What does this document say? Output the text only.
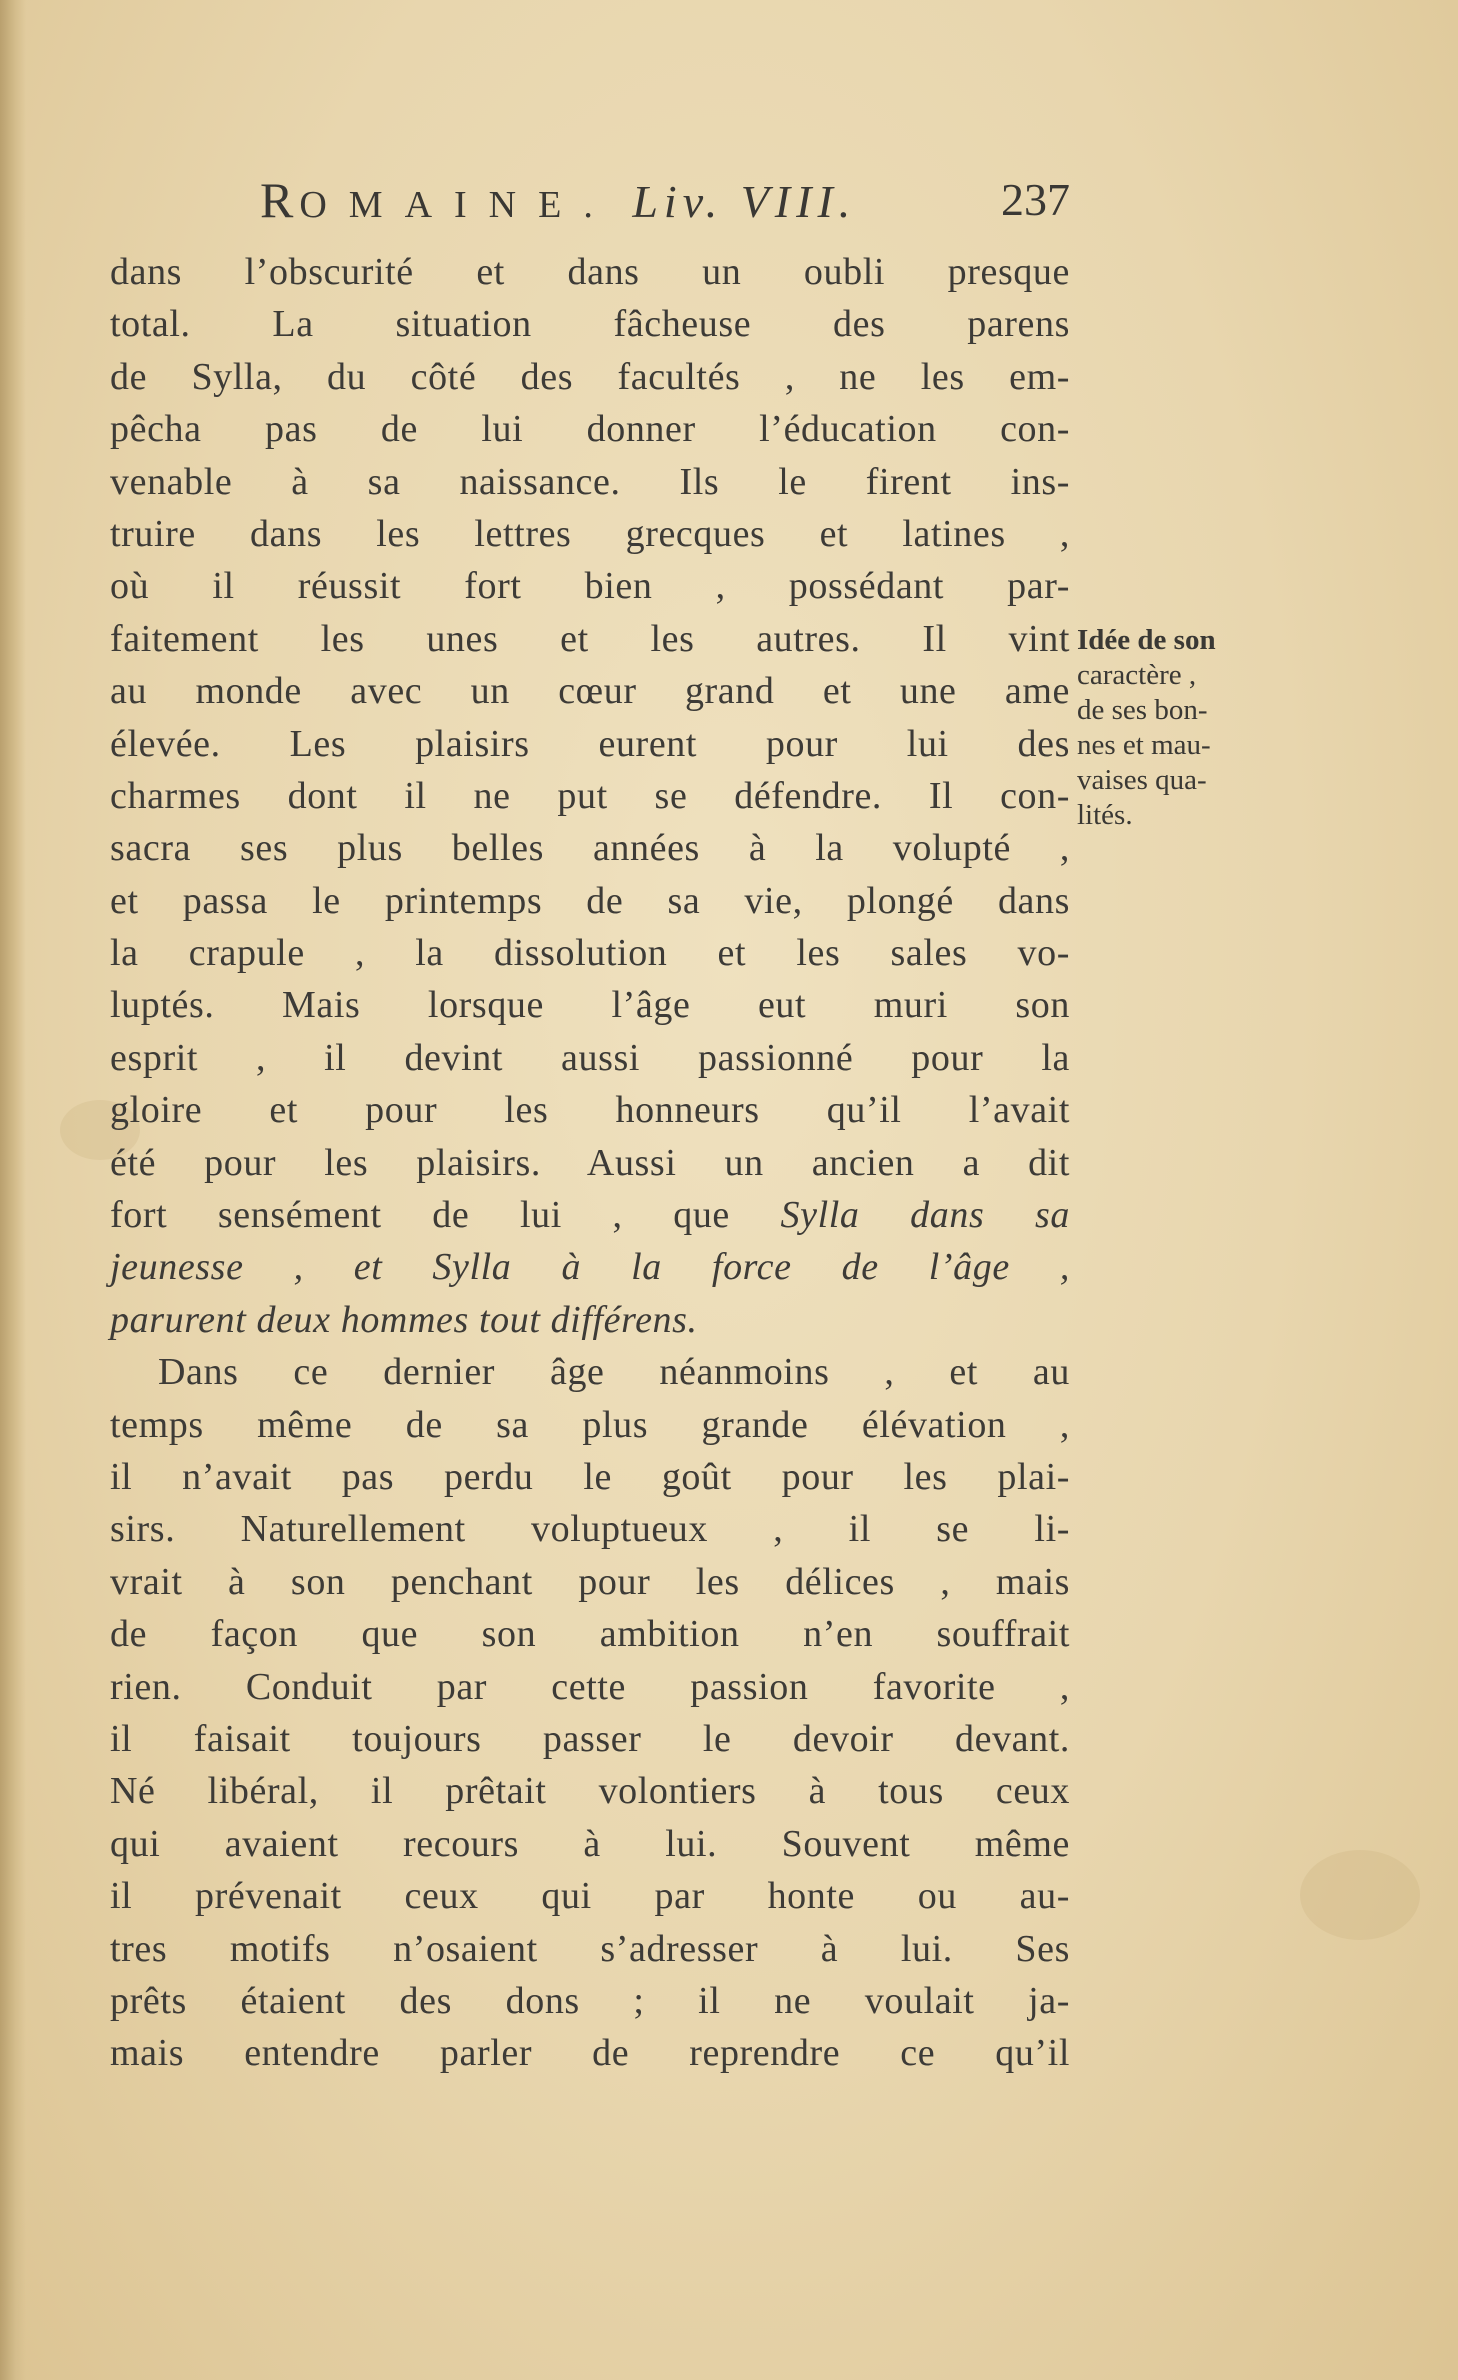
ROMAINE. Liv. VIII.	237
dans l’obscurité et dans un oubli presque
total. La situation fâcheuse des parens
de Sylla, du côté des facultés , ne les em-
pêcha pas de lui donner l’éducation con-
venable à sa naissance. Ils le firent ins-
truire dans les lettres grecques et latines ,
où il réussit fort bien , possédant par-
faitement les unes et les autres. Il vint
au monde avec un cœur grand et une ame
élevée. Les plaisirs eurent pour lui des
charmes dont il ne put se défendre. Il con-
sacra ses plus belles années à la volupté ,
et passa le printemps de sa vie, plongé dans
la crapule , la dissolution et les sales vo-
luptés. Mais lorsque l’âge eut muri son
esprit , il devint aussi passionné pour la
gloire et pour les honneurs qu’il l’avait
été pour les plaisirs. Aussi un ancien a dit
fort sensément de lui , que Sylla dans sa
jeunesse , et Sylla à la force de l’âge ,
parurent deux hommes tout différens.
Dans ce dernier âge néanmoins , et au
temps même de sa plus grande élévation ,
il n’avait pas perdu le goût pour les plai-
sirs. Naturellement voluptueux , il se li-
vrait à son penchant pour les délices , mais
de façon que son ambition n’en souffrait
rien. Conduit par cette passion favorite ,
il faisait toujours passer le devoir devant.
Né libéral, il prêtait volontiers à tous ceux
qui avaient recours à lui. Souvent même
il prévenait ceux qui par honte ou au-
tres motifs n’osaient s’adresser à lui. Ses
prêts étaient des dons ; il ne voulait ja-
mais entendre parler de reprendre ce qu’il
Idée de son
caractère ,
de ses bon-
nes et mau-
vaises qua-
lités.
